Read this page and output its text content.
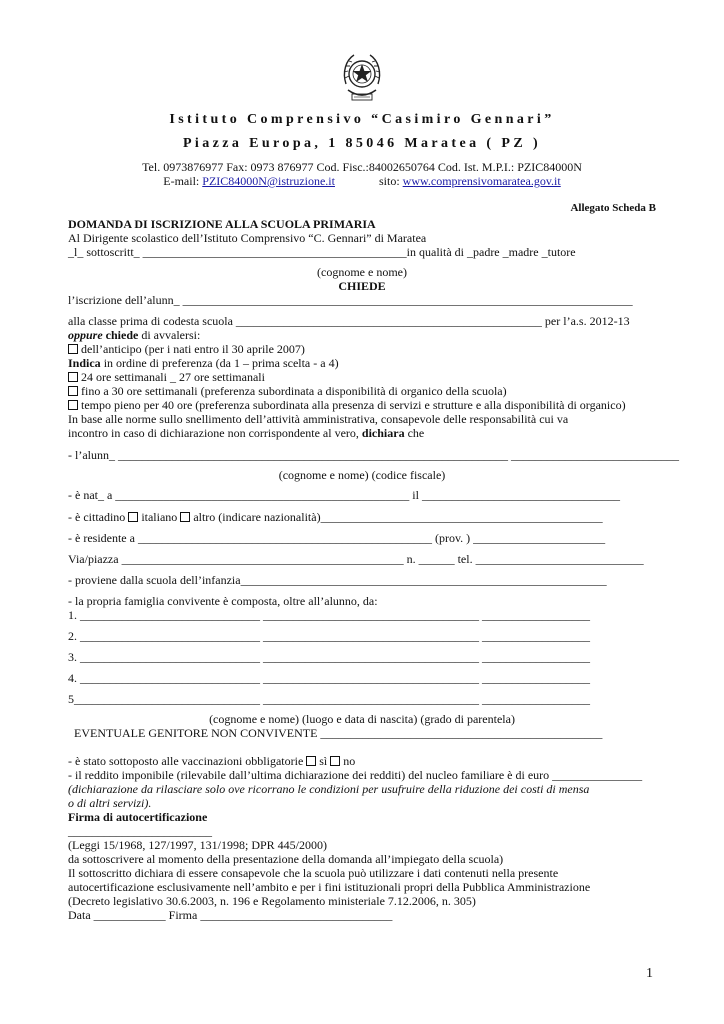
Istituto Comprensivo “Casimiro Gennari”
Piazza Europa, 1 85046 Maratea ( PZ )
Tel. 0973876977 Fax: 0973 876977 Cod. Fisc.:84002650764 Cod. Ist. M.P.I.: PZIC84000N
E-mail: PZIC84000N@istruzione.it	sito: www.comprensivomaratea.gov.it
Allegato Scheda B
DOMANDA DI ISCRIZIONE ALLA SCUOLA PRIMARIA
Al Dirigente scolastico dell’Istituto Comprensivo “C. Gennari” di Maratea
_l_ sottoscritt_ ____________________________________________in qualità di _padre _madre _tutore
(cognome e nome)
CHIEDE
l’iscrizione dell’alunn_ ___________________________________________________________________________
alla classe prima di codesta scuola ___________________________________________________ per l’a.s. 2012-13
oppure chiede di avvalersi:
dell’anticipo (per i nati entro il 30 aprile 2007)
Indica in ordine di preferenza (da 1 – prima scelta - a 4)
24 ore settimanali _ 27 ore settimanali
fino a 30 ore settimanali (preferenza subordinata a disponibilità di organico della scuola)
tempo pieno per 40 ore (preferenza subordinata alla presenza di servizi e strutture e alla disponibilità di organico)
In base alle norme sullo snellimento dell’attività amministrativa, consapevole delle responsabilità cui va
incontro in caso di dichiarazione non corrispondente al vero, dichiara che
- l’alunn_ _________________________________________________________________ ____________________________
(cognome e nome) (codice fiscale)
- è nat_ a _________________________________________________ il _________________________________
- è cittadino italiano altro (indicare nazionalità)_______________________________________________
- è residente a _________________________________________________ (prov. ) ______________________
Via/piazza _______________________________________________ n. ______ tel. ____________________________
- proviene dalla scuola dell’infanzia_____________________________________________________________
- la propria famiglia convivente è composta, oltre all’alunno, da:
1. ______________________________ ____________________________________ __________________
2. ______________________________ ____________________________________ __________________
3. ______________________________ ____________________________________ __________________
4. ______________________________ ____________________________________ __________________
5_______________________________ ____________________________________ __________________
(cognome e nome) (luogo e data di nascita) (grado di parentela)
EVENTUALE GENITORE NON CONVIVENTE _______________________________________________
- è stato sottoposto alle vaccinazioni obbligatorie sì no
- il reddito imponibile (rilevabile dall’ultima dichiarazione dei redditi) del nucleo familiare è di euro _______________
(dichiarazione da rilasciare solo ove ricorrano le condizioni per usufruire della riduzione dei costi di mensa
o di altri servizi).
Firma di autocertificazione
________________________
(Leggi 15/1968, 127/1997, 131/1998; DPR 445/2000)
da sottoscrivere al momento della presentazione della domanda all’impiegato della scuola)
Il sottoscritto dichiara di essere consapevole che la scuola può utilizzare i dati contenuti nella presente
autocertificazione esclusivamente nell’ambito e per i fini istituzionali propri della Pubblica Amministrazione
(Decreto legislativo 30.6.2003, n. 196 e Regolamento ministeriale 7.12.2006, n. 305)
Data ____________ Firma ________________________________
1
